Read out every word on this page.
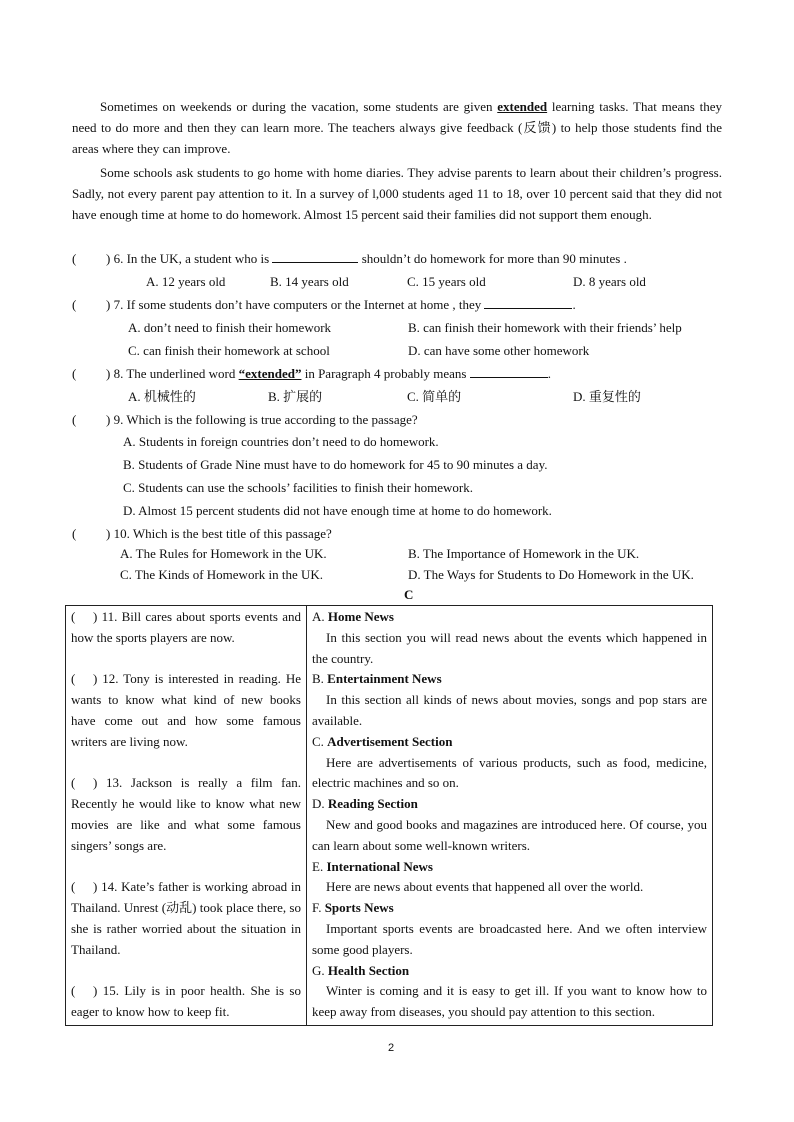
Sometimes on weekends or during the vacation, some students are given extended learning tasks. That means they need to do more and then they can learn more. The teachers always give feedback (反馈) to help those students find the areas where they can improve.

Some schools ask students to go home with home diaries. They advise parents to learn about their children’s progress. Sadly, not every parent pay attention to it. In a survey of l,000 students aged 11 to 18, over 10 percent said that they did not have enough time at home to do homework. Almost 15 percent said their families did not support them enough.

( ) 6. In the UK, a student who is	shouldn’t do homework for more than 90 minutes .
A. 12 years old	B. 14 years old	C. 15 years old	D. 8 years old
( ) 7. If some students don’t have computers or the Internet at home , they	.
A. don’t need to finish their homework	B. can finish their homework with their friends’ help
C. can finish their homework at school	D. can have some other homework
( ) 8. The underlined word “extended” in Paragraph 4 probably means	.
A. 机械性的	B. 扩展的	C. 简单的	D. 重复性的
( ) 9. Which is the following is true according to the passage?
A. Students in foreign countries don’t need to do homework.
B. Students of Grade Nine must have to do homework for 45 to 90 minutes a day.
C. Students can use the schools’ facilities to finish their homework.
D. Almost 15 percent students did not have enough time at home to do homework.
( ) 10. Which is the best title of this passage?
A. The Rules for Homework in the UK.	B. The Importance of Homework in the UK.
C. The Kinds of Homework in the UK.	D. The Ways for Students to Do Homework in the UK.
C
( ) 11. Bill cares about sports events and how the sports players are now.
( ) 12. Tony is interested in reading. He wants to know what kind of new books have come out and how some famous writers are living now.
( ) 13. Jackson is really a film fan. Recently he would like to know what new movies are like and what some famous singers’ songs are.
( ) 14. Kate’s father is working abroad in Thailand. Unrest (动乱) took place there, so she is rather worried about the situation in Thailand.
( ) 15. Lily is in poor health. She is so eager to know how to keep fit.

A. Home News
In this section you will read news about the events which happened in the country.
B. Entertainment News
In this section all kinds of news about movies, songs and pop stars are available.
C. Advertisement Section
Here are advertisements of various products, such as food, medicine, electric machines and so on.
D. Reading Section
New and good books and magazines are introduced here. Of course, you can learn about some well-known writers.
E. International News
Here are news about events that happened all over the world.
F. Sports News
Important sports events are broadcasted here. And we often interview some good players.
G. Health Section
Winter is coming and it is easy to get ill. If you want to know how to keep away from diseases, you should pay attention to this section.
2
